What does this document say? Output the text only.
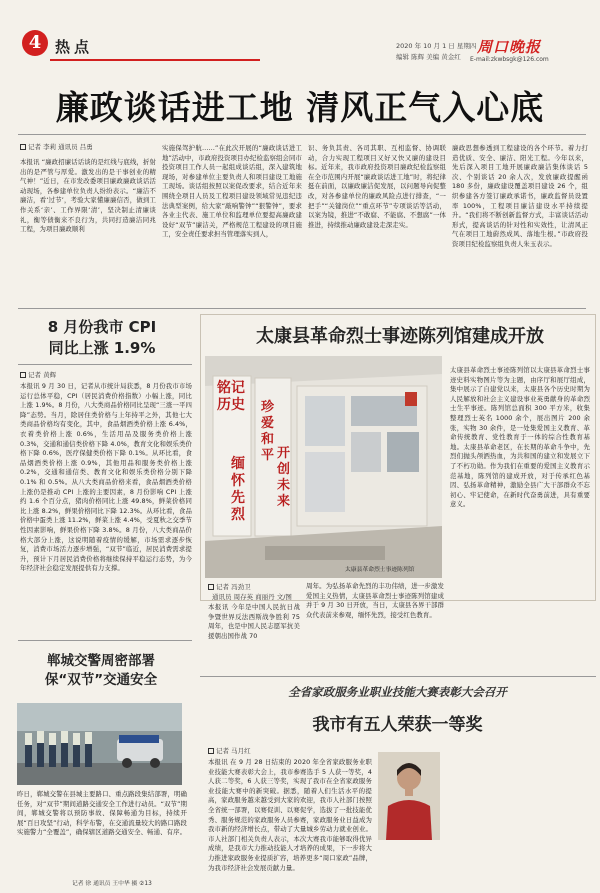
4 热点	2020 年 10 月 1 日 星期四
编辑 陈辉 美编 黄金红
周口晚报
E-mail:zkwbsgk@126.com
廉政谈话进工地 清风正气入心底
记者 李莉 通讯员 吕勇
本报讯 “廉政招廉话话谈的是红线与底线，折射出的是严管与厚爱。激发出的是干事创业的精气神！”近日，在市发改委项目廉政廉政谈话活动现场，各参建单位负责人纷纷表示。“廉洁不廉洁，看‘过节’，考验大家懂廉廉信否，做到工作关系‘亲’、工作界限‘清’，坚决制止清廉谈礼，衡等债衡来不良行为，共同打造廉洁同兆工程，为项目廉政顺利
实施保驾护航……”在此次开展的“廉政谈话进工地”活动中，市政府投资项目办纪检监察组会同市投资项目工作人员一起组成谈话组，深入建筑地现场，对参建单位主要负责人和项目建设工地施工现场。谈话组按照以案促改要求，结合近年来围绕全项目人员及工程项目建设领域常见违纪违法典型案例，给大家“敲响警钟”“狠警钟”，要求各业主代表、施工单位和监理单位要提高廉政建设好“双节”廉洁关，严格规范工程建设的项目施工，安全责任要求担当管理落实到人，
识、务负其责、各司其职、互相监督、协调联动，合力实现工程项目又好又快又廉的建设目标。近年来，我市政府投资项目廉政纪检监察组在全市范围内开展“廉政谈话进工地”时，将纪律挺在前面，以廉政廉洁促发展，以问题导向促整改，对各参建单位的廉政风险点进行排查，“一把手”“关键岗位”“重点环节”专项谈话等活动，以案为镜，推进“不敢腐、不能腐、不想腐”一体推进，持续推动廉政建设走深走实。
廉政思想参透到工程建设的各个环节。着力打造优质、安全、廉洁、阳光工程。今年以来，先后深入项目工地开展廉政廉洁集体谈话 5 次、个别谈话 20 余人次，发放廉政提醒函 180 多份，廉政建设覆盖项目建设 26 个，组织参建各方签订廉政承诺书，廉政监督员设置率 100%，工程项目廉洁建设水平持续提升。“我们将不断创新监督方式，丰富谈话活动形式，提高谈话的针对性和实效性，让清风正气在项目工地蔚然成风、落地生根。”市政府投资项目纪检监察组负责人朱玉表示。
8 月份我市 CPI
同比上涨 1.9%
记者 黄辉
本报讯 9 月 30 日，记者从市统计局获悉，8 月份我市市场运行总体平稳，CPI（居民消费价格指数）小幅上涨，同比上涨 1.9%。8 月份，八大类商品价格同比呈现“三涨一平四降”态势。当月，除居住类价格与上年持平之外，其他七大类商品价格均有变化，其中，食品烟酒类价格上涨 6.4%，衣着类价格上涨 0.6%，生活用品及服务类价格上涨 0.3%，交通和通信类价格下降 4.0%，教育文化和娱乐类价格下降 0.6%，医疗保健类价格下降 0.1%。从环比看，食品烟酒类价格上涨 0.9%，其他用品和服务类价格上涨 0.2%，交通和通信类、教育文化和娱乐类价格分别下降 0.1% 和 0.5%。从八大类商品价格来看，食品烟酒类价格上涨仍是推动 CPI 上涨的主要因素，8 月份影响 CPI 上涨约 1.6 个百分点，猪肉价格同比上涨 49.8%，鲜菜价格同比上涨 8.2%，鲜果价格同比下降 12.3%。从环比看，食品价格中蛋类上涨 11.2%，鲜菜上涨 4.4%，受夏秋之交季节性因素影响，鲜果价格下降 3.8%。8 月份，八大类商品价格大部分上涨，这说明随着疫情的缓解，市场需求逐步恢复，消费市场活力逐步增强，“双节”临近，居民消费需求提升，预计下月居民消费价格将继续保持平稳运行态势，为今年经济社会稳定发展提供有力支撑。
太康县革命烈士事迹陈列馆建成开放
铭记历史
缅怀先烈
珍爱和平 开创未来
太康县革命烈士事迹陈列馆
太康县革命烈士事迹陈列馆以太康县革命烈士事迹史料实物图片等为主题，由序厅和展厅组成，集中展示了自建党以来，太康县各个历史时期为人民解放和社会主义建设事业英勇献身的革命烈士生平事迹。陈列馆总面积 300 平方米，收集整理烈士英名 1000 余个，展出图片 200 余张，实物 30 余件，是一处集爱国主义教育、革命传统教育、党性教育于一体的综合性教育基地。太康县革命老区，在长期的革命斗争中，先烈们抛头颅洒热血，为共和国的建立和发展立下了不朽功勋。作为我们在重要的爱国主义教育示范基地，陈列馆的建成开放，对于传承红色基因、弘扬革命精神，激励全县广大干部群众不忘初心、牢记使命，在新时代奋勇前进，具有重要意义。
记者 冯劲卫
通讯员 周存英 商丽丹 文/图
本报讯 今年是中国人民抗日战争暨世界反法西斯战争胜利 75 周年，也是中国人民志愿军抗美援朝出国作战 70
周年。为弘扬革命先烈的丰功伟绩，进一步激发爱国主义热情，太康县革命烈士事迹陈列馆建成并于 9 月 30 日开放，当日，太康县各界干部群众代表前来参观，缅怀先烈，接受红色教育。
郸城交警周密部署
保“双节”交通安全
昨日，郸城交警在县城主要路口、重点路段集结部署，明确任务，对“双节”期间道路交通安全工作进行动员。“双节”期间，郸城交警将以预防事故、保障畅通为目标，持续开展“百日攻坚”行动，科学布警，在交通流量较大的路口路段实施警力“全覆盖”，确保辖区道路交通安全、畅通、有序。
记者 徐 通讯员 王中华 摄 ②13
全省家政服务业职业技能大赛表彰大会召开
我市有五人荣获一等奖
记者 马月红
本报讯 在 9 月 28 日结束的 2020 年全省家政服务业职业技能大赛表彰大会上，我市参赛选手 5 人获一等奖，4 人获二等奖，6 人获三等奖，实现了我市在全省家政服务业技能大赛中的新突破。据悉，随着人们生活水平的提高，家政服务越来越受到大家的欢迎，我市人社部门按照全省统一部署，以赛促训、以赛促学，选拔了一批技能优秀、服务规范的家政服务人员参赛，家政服务业日益成为我市新的经济增长点，带动了大量城乡劳动力就业创业。市人社部门相关负责人表示，本次大赛我市能够取得优异成绩，是我市大力推动技能人才培养的成果，下一步将大力推进家政服务业提质扩容，培养更多“周口家政”品牌，为我市经济社会发展贡献力量。
